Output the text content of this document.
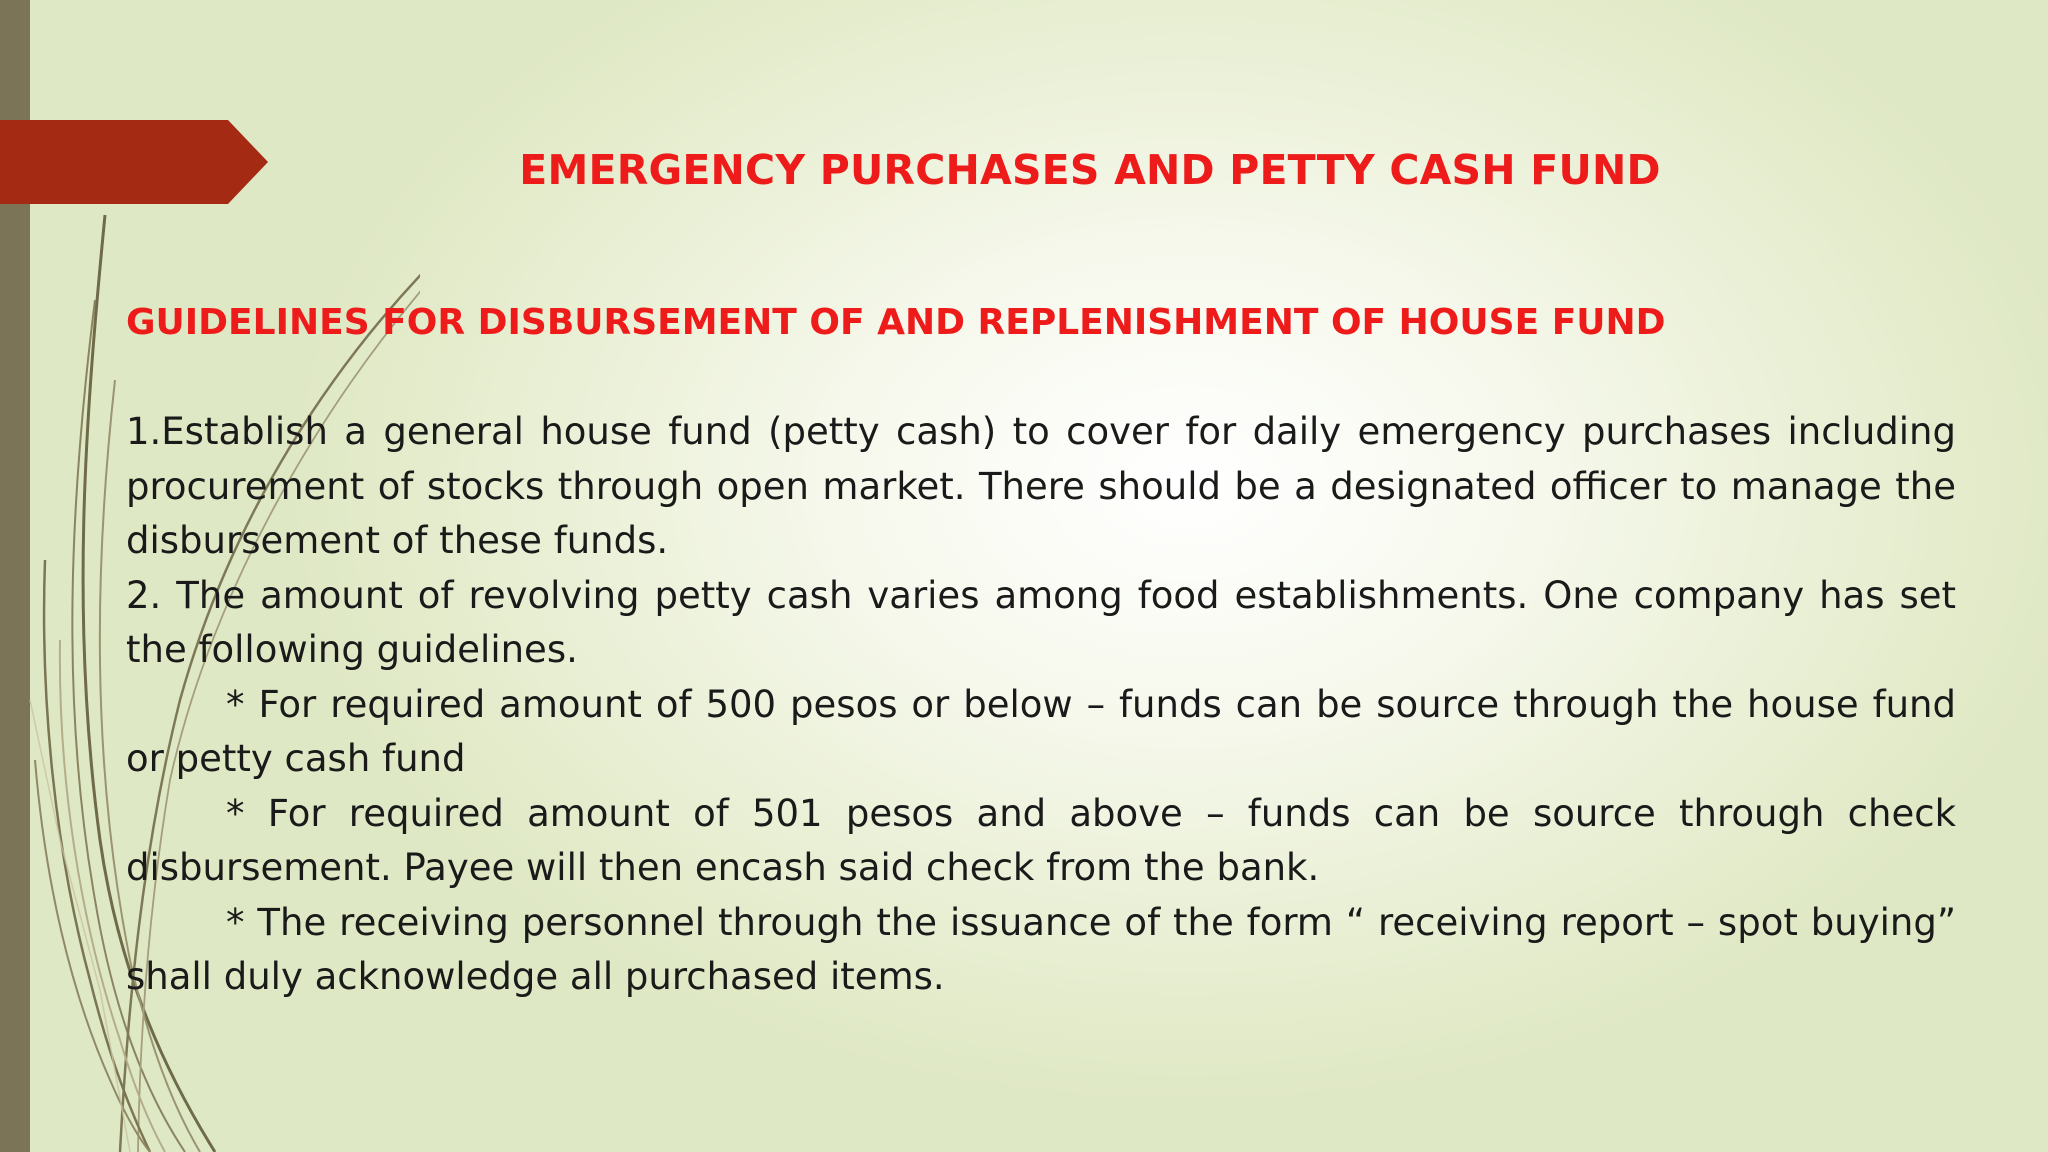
EMERGENCY PURCHASES AND PETTY CASH FUND
GUIDELINES FOR DISBURSEMENT OF AND REPLENISHMENT OF HOUSE FUND

1.Establish a general house fund (petty cash) to cover for daily emergency purchases including procurement of stocks through open market. There should be a designated officer to manage the disbursement of these funds.

2. The amount of revolving petty cash varies among food establishments. One company has set the following guidelines.

* For required amount of 500 pesos or below – funds can be source through the house fund or petty cash fund

* For required amount of 501 pesos and above – funds can be source through check disbursement. Payee will then encash said check from the bank.

* The receiving personnel through the issuance of the form “ receiving report – spot buying” shall duly acknowledge all purchased items.
